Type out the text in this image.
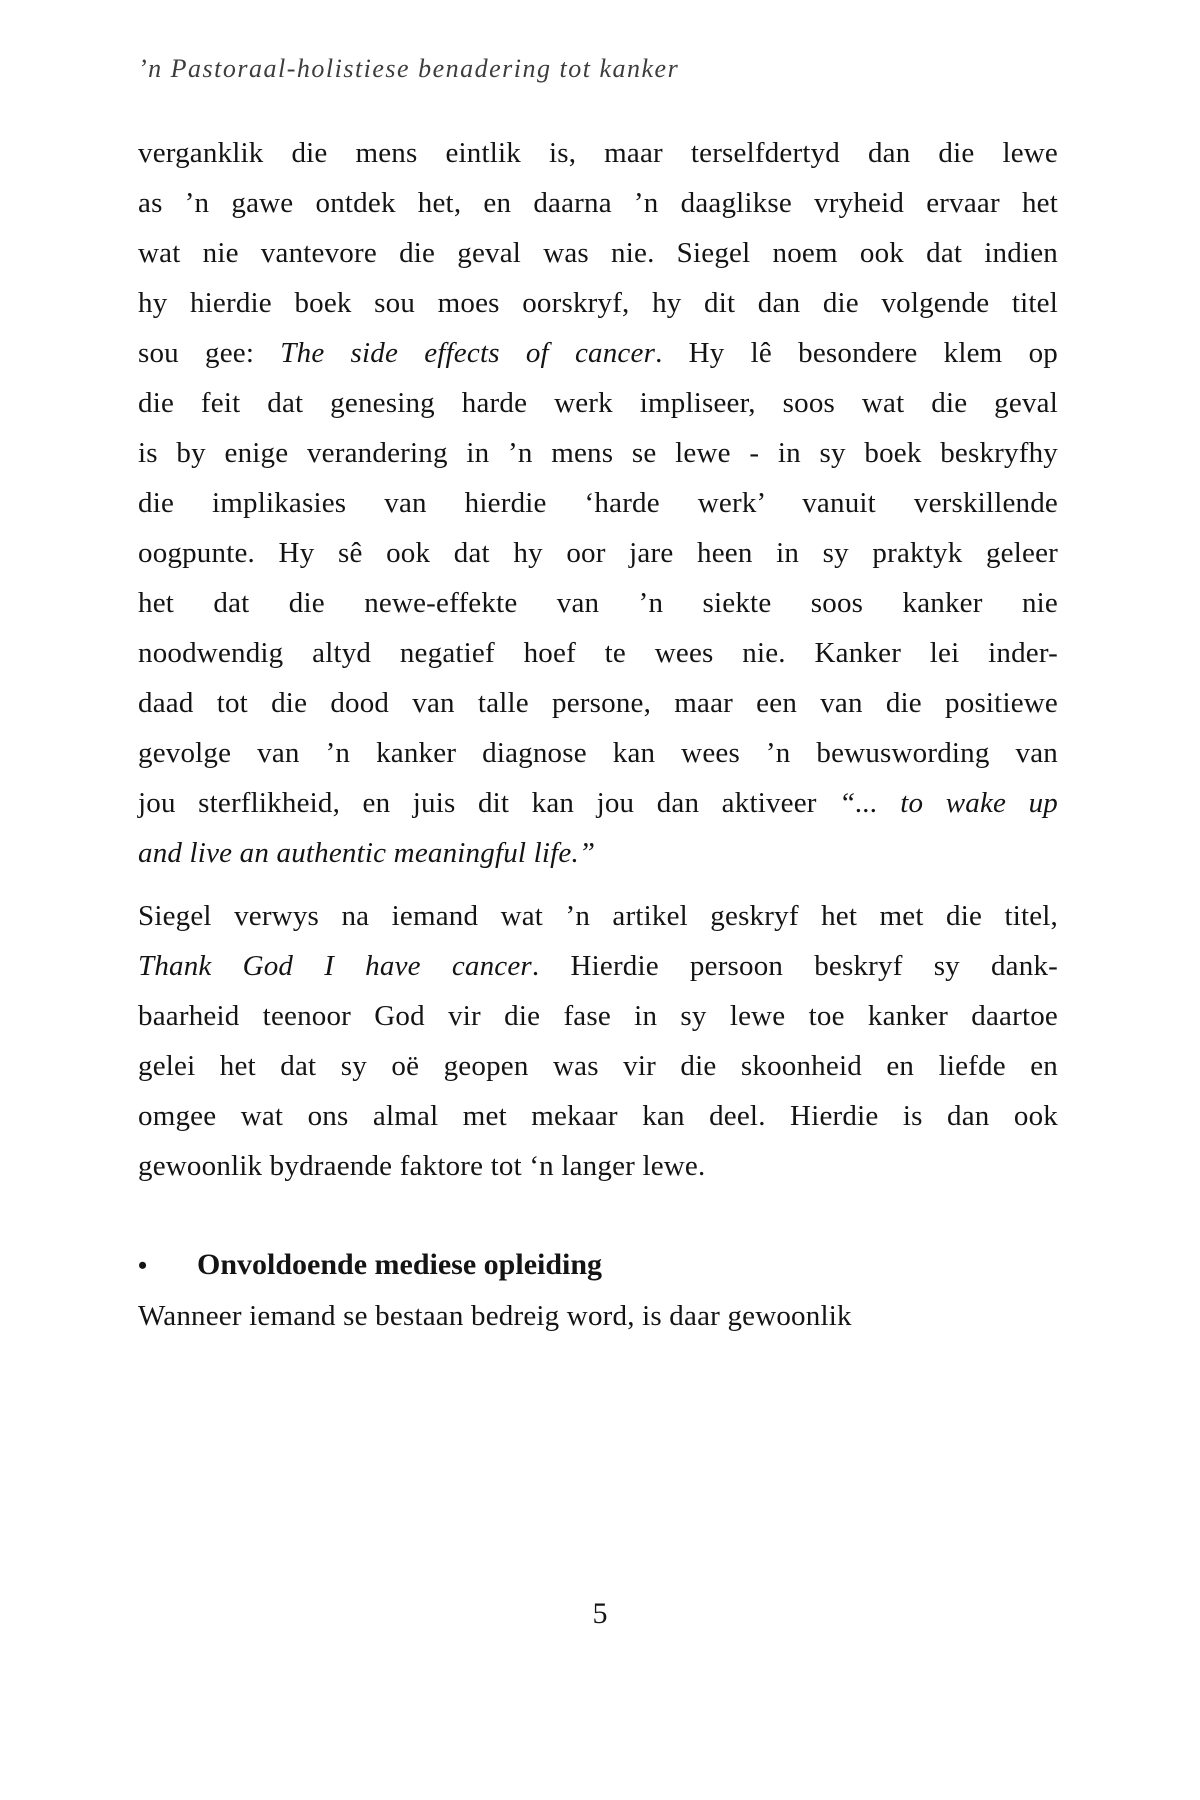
’n Pastoraal-holistiese benadering tot kanker
verganklik die mens eintlik is, maar terselfdertyd dan die lewe
as ’n gawe ontdek het, en daarna ’n daaglikse vryheid ervaar het
wat nie vantevore die geval was nie. Siegel noem ook dat indien
hy hierdie boek sou moes oorskryf, hy dit dan die volgende titel
sou gee: The side effects of cancer. Hy lê besondere klem op
die feit dat genesing harde werk impliseer, soos wat die geval
is by enige verandering in ’n mens se lewe - in sy boek beskryfhy
die implikasies van hierdie ‘harde werk’ vanuit verskillende
oogpunte. Hy sê ook dat hy oor jare heen in sy praktyk geleer
het dat die newe-effekte van ’n siekte soos kanker nie
noodwendig altyd negatief hoef te wees nie. Kanker lei inder-
daad tot die dood van talle persone, maar een van die positiewe
gevolge van ’n kanker diagnose kan wees ’n bewuswording van
jou sterflikheid, en juis dit kan jou dan aktiveer “... to wake up
and live an authentic meaningful life.”
Siegel verwys na iemand wat ’n artikel geskryf het met die titel,
Thank God I have cancer. Hierdie persoon beskryf sy dank-
baarheid teenoor God vir die fase in sy lewe toe kanker daartoe
gelei het dat sy oë geopen was vir die skoonheid en liefde en
omgee wat ons almal met mekaar kan deel. Hierdie is dan ook
gewoonlik bydraende faktore tot ‘n langer lewe.
•	Onvoldoende mediese opleiding
Wanneer iemand se bestaan bedreig word, is daar gewoonlik
5
